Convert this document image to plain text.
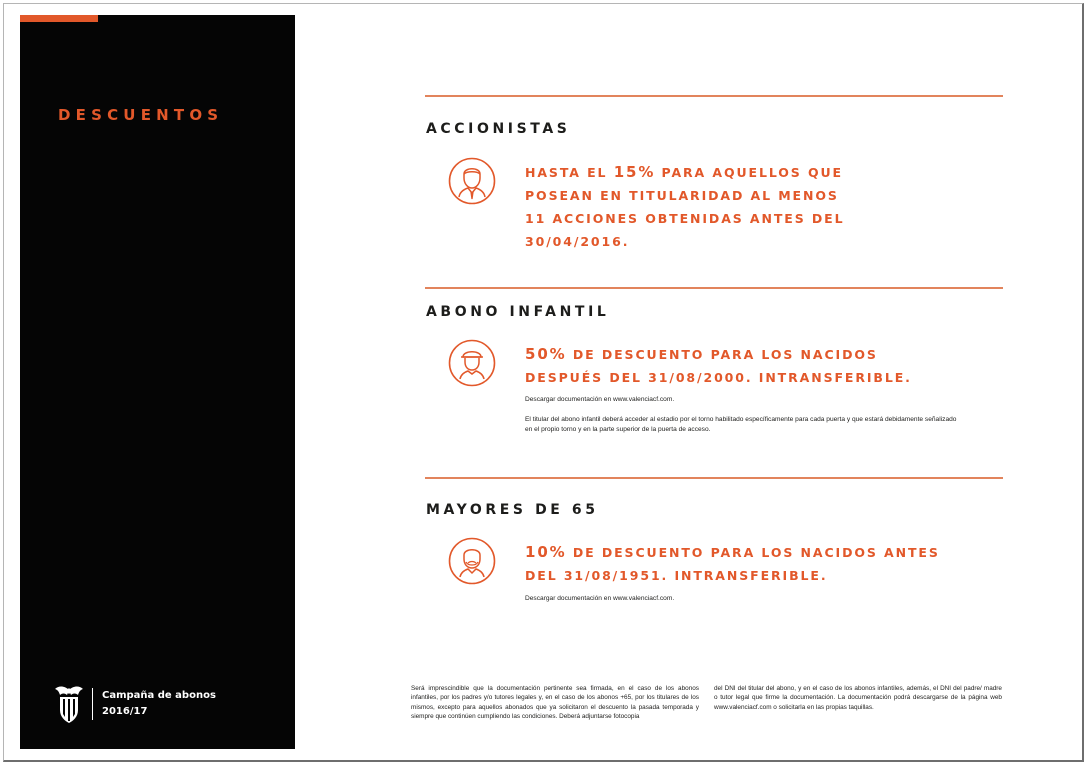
DESCUENTOS
Campaña de abonos
2016/17
ACCIONISTAS
HASTA EL 15% PARA AQUELLOS QUE
POSEAN EN TITULARIDAD AL MENOS
11 ACCIONES OBTENIDAS ANTES DEL
30/04/2016.
ABONO INFANTIL
50% DE DESCUENTO PARA LOS NACIDOS
DESPUÉS DEL 31/08/2000. INTRANSFERIBLE.
Descargar documentación en www.valenciacf.com.
El titular del abono infantil deberá acceder al estadio por el torno habilitado específicamente para cada puerta y que estará debidamente señalizado en el propio torno y en la parte superior de la puerta de acceso.
MAYORES DE 65
10% DE DESCUENTO PARA LOS NACIDOS ANTES
DEL 31/08/1951. INTRANSFERIBLE.
Descargar documentación en www.valenciacf.com.
Será imprescindible que la documentación pertinente sea firmada, en el caso de los abonos infantiles, por los padres y/o tutores legales y, en el caso de los abonos +65, por los titulares de los mismos, excepto para aquellos abonados que ya solicitaron el descuento la pasada temporada y siempre que continúen cumpliendo las condiciones. Deberá adjuntarse fotocopia
del DNI del titular del abono, y en el caso de los abonos infantiles, además, el DNI del padre/ madre o tutor legal que firme la documentación. La documentación podrá descargarse de la página web www.valenciacf.com o solicitarla en las propias taquillas.
